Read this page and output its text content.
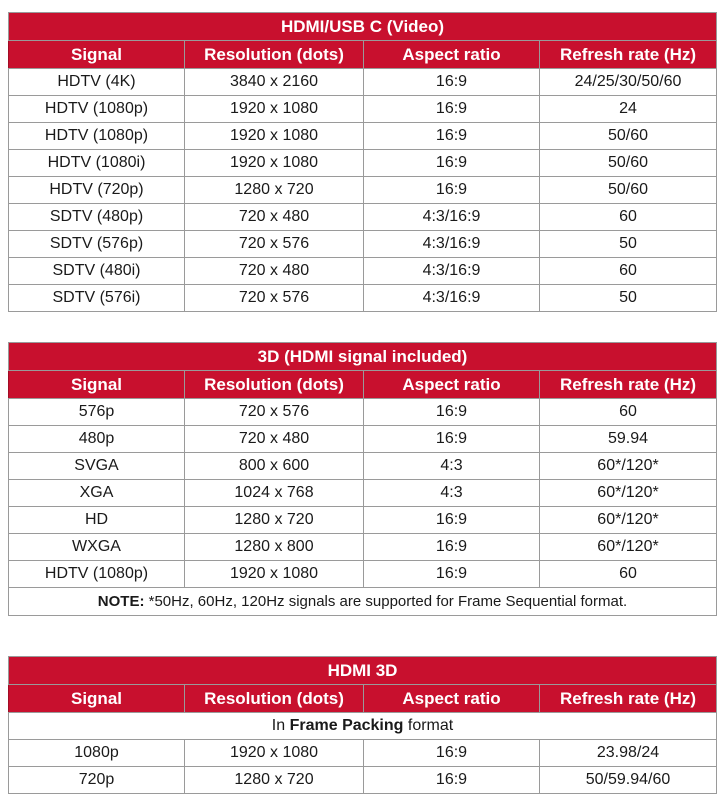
HDMI/USB C (Video)			
Signal	Resolution (dots)	Aspect ratio	Refresh rate (Hz)
HDTV (4K)	3840 x 2160	16:9	24/25/30/50/60
HDTV (1080p)	1920 x 1080	16:9	24
HDTV (1080p)	1920 x 1080	16:9	50/60
HDTV (1080i)	1920 x 1080	16:9	50/60
HDTV (720p)	1280 x 720	16:9	50/60
SDTV (480p)	720 x 480	4:3/16:9	60
SDTV (576p)	720 x 576	4:3/16:9	50
SDTV (480i)	720 x 480	4:3/16:9	60
SDTV (576i)	720 x 576	4:3/16:9	50
3D (HDMI signal included)			
Signal	Resolution (dots)	Aspect ratio	Refresh rate (Hz)
576p	720 x 576	16:9	60
480p	720 x 480	16:9	59.94
SVGA	800 x 600	4:3	60*/120*
XGA	1024 x 768	4:3	60*/120*
HD	1280 x 720	16:9	60*/120*
WXGA	1280 x 800	16:9	60*/120*
HDTV (1080p)	1920 x 1080	16:9	60
NOTE: *50Hz, 60Hz, 120Hz signals are supported for Frame Sequential format.			
HDMI 3D			
Signal	Resolution (dots)	Aspect ratio	Refresh rate (Hz)
In Frame Packing format			
1080p	1920 x 1080	16:9	23.98/24
720p	1280 x 720	16:9	50/59.94/60
